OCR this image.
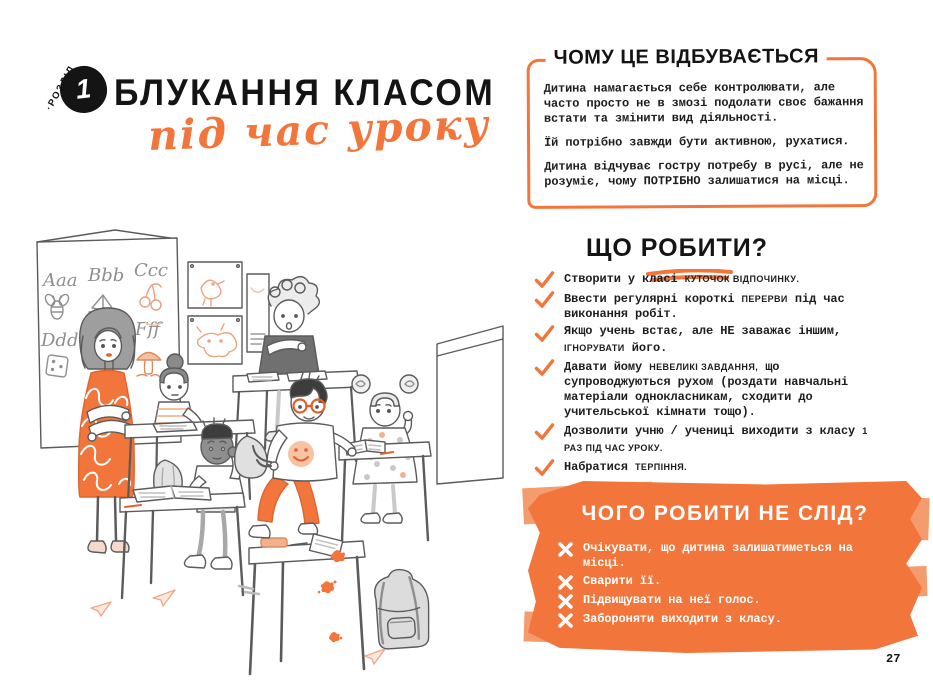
·РОЗДІЛ
1 БЛУКАННЯ КЛАСОМ
під час уроку
ЧОМУ ЦЕ ВІДБУВАЄТЬСЯ

Дитина намагається себе контролювати, але часто просто не в змозі подолати своє бажання встати та змінити вид діяльності.

Їй потрібно завжди бути активною, рухатися.

Дитина відчуває гостру потребу в русі, але не розуміє, чому ПОТРІБНО залишатися на місці.

ЩО РОБИТИ?
Створити у класі куточок відпочинку.
Ввести регулярні короткі перерви під час виконання робіт.
Якщо учень встає, але НЕ заважає іншим, ігнорувати його.
Давати йому невеликі завдання, що супроводжуються рухом (роздати навчальні матеріали однокласникам, сходити до учительської кімнати тощо).
Дозволити учню / учениці виходити з класу 1 раз під час уроку.
Набратися терпіння.
ЧОГО РОБИТИ НЕ СЛІД?
Очікувати, що дитина залишатиметься на місці.
Сварити її.
Підвищувати на неї голос.
Забороняти виходити з класу.
27
Aaa Bbb Ccc
Ddd
Fff
